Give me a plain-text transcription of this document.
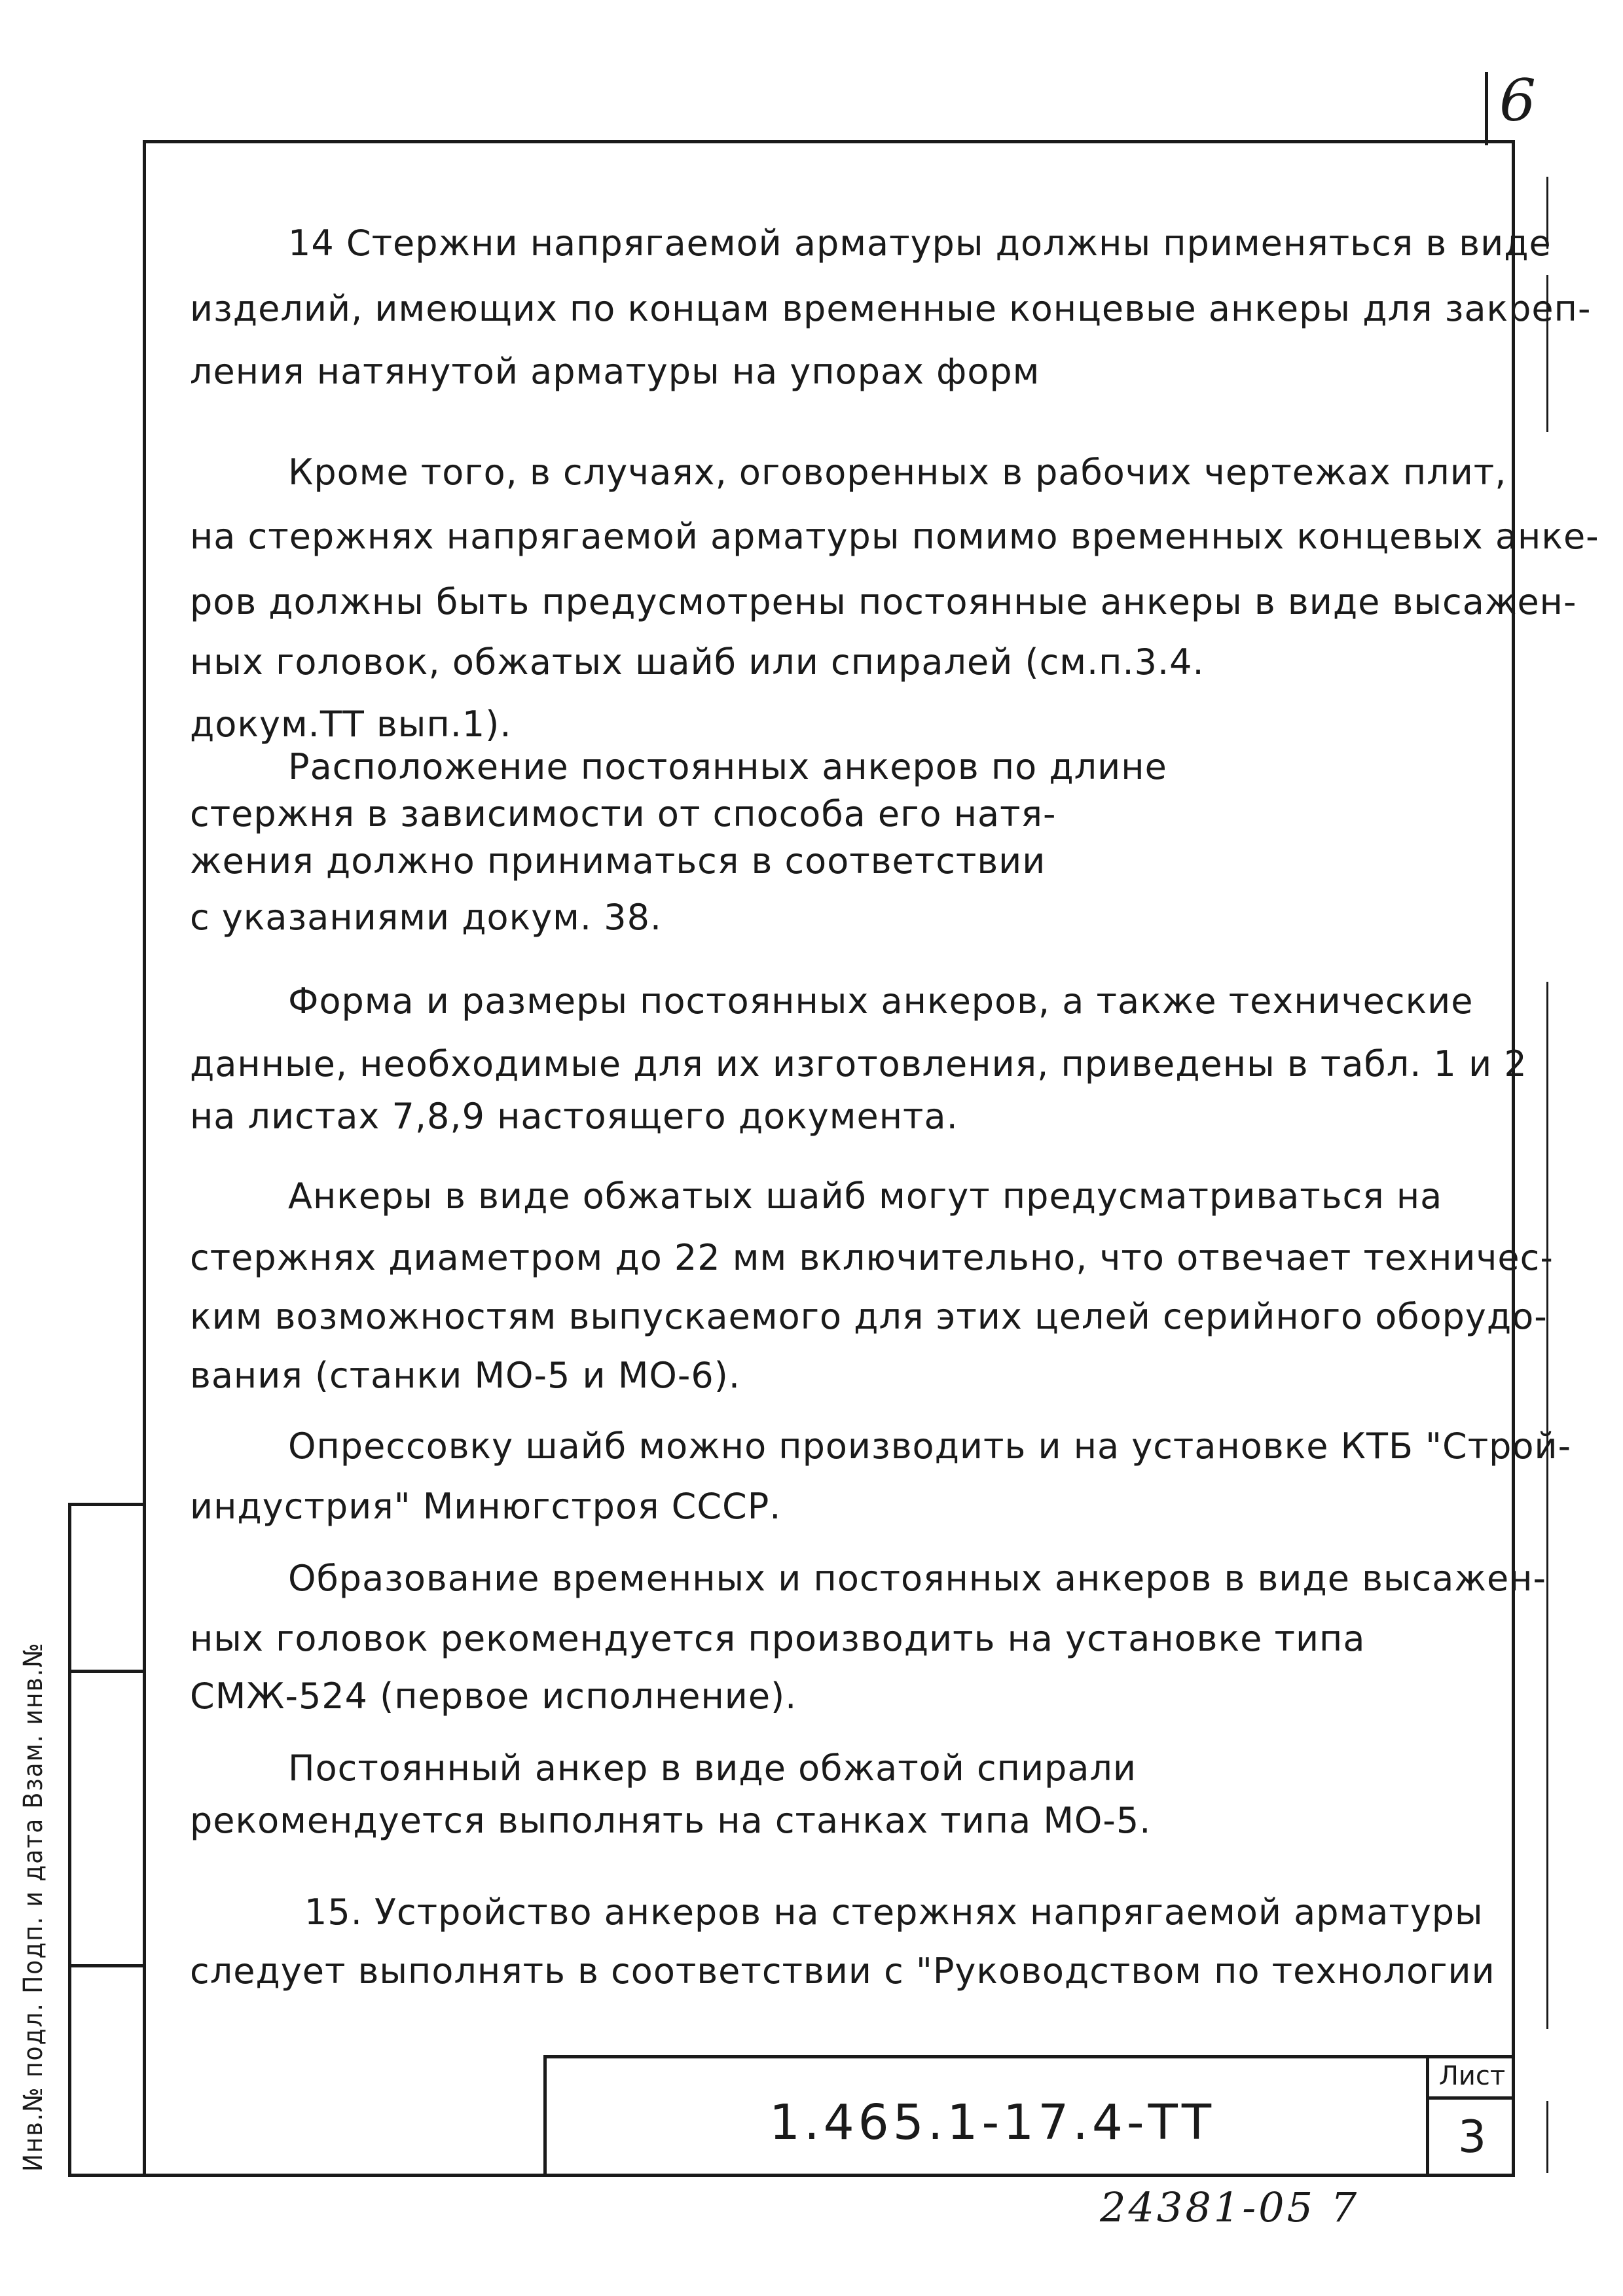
6
Инв.№ подл. Подп. и дата Взам. инв.№
14 Стержни напрягаемой арматуры должны применяться в виде
изделий, имеющих по концам временные концевые анкеры для закреп-
ления натянутой арматуры на упорах форм
Кроме того, в случаях, оговоренных в рабочих чертежах плит,
на стержнях напрягаемой арматуры помимо временных концевых анке-
ров должны быть предусмотрены постоянные анкеры в виде высажен-
ных головок, обжатых шайб или спиралей (см.п.3.4.
докум.ТТ вып.1).
Расположение постоянных анкеров по длине
стержня в зависимости от способа его натя-
жения должно приниматься в соответствии
с указаниями докум. 38.
Форма и размеры постоянных анкеров, а также технические
данные, необходимые для их изготовления, приведены в табл. 1 и 2
на листах 7,8,9 настоящего документа.
Анкеры в виде обжатых шайб могут предусматриваться на
стержнях диаметром до 22 мм включительно, что отвечает техничес-
ким возможностям выпускаемого для этих целей серийного оборудо-
вания (станки МО-5 и МО-6).
Опрессовку шайб можно производить и на установке КТБ "Строй-
индустрия" Минюгстроя СССР.
Образование временных и постоянных анкеров в виде высажен-
ных головок рекомендуется производить на установке типа
СМЖ-524 (первое исполнение).
Постоянный анкер в виде обжатой спирали
рекомендуется выполнять на станках типа МО-5.
15. Устройство анкеров на стержнях напрягаемой арматуры
следует выполнять в соответствии с "Руководством по технологии
1.465.1-17.4-ТТ
Лист
3
24381-05 7
